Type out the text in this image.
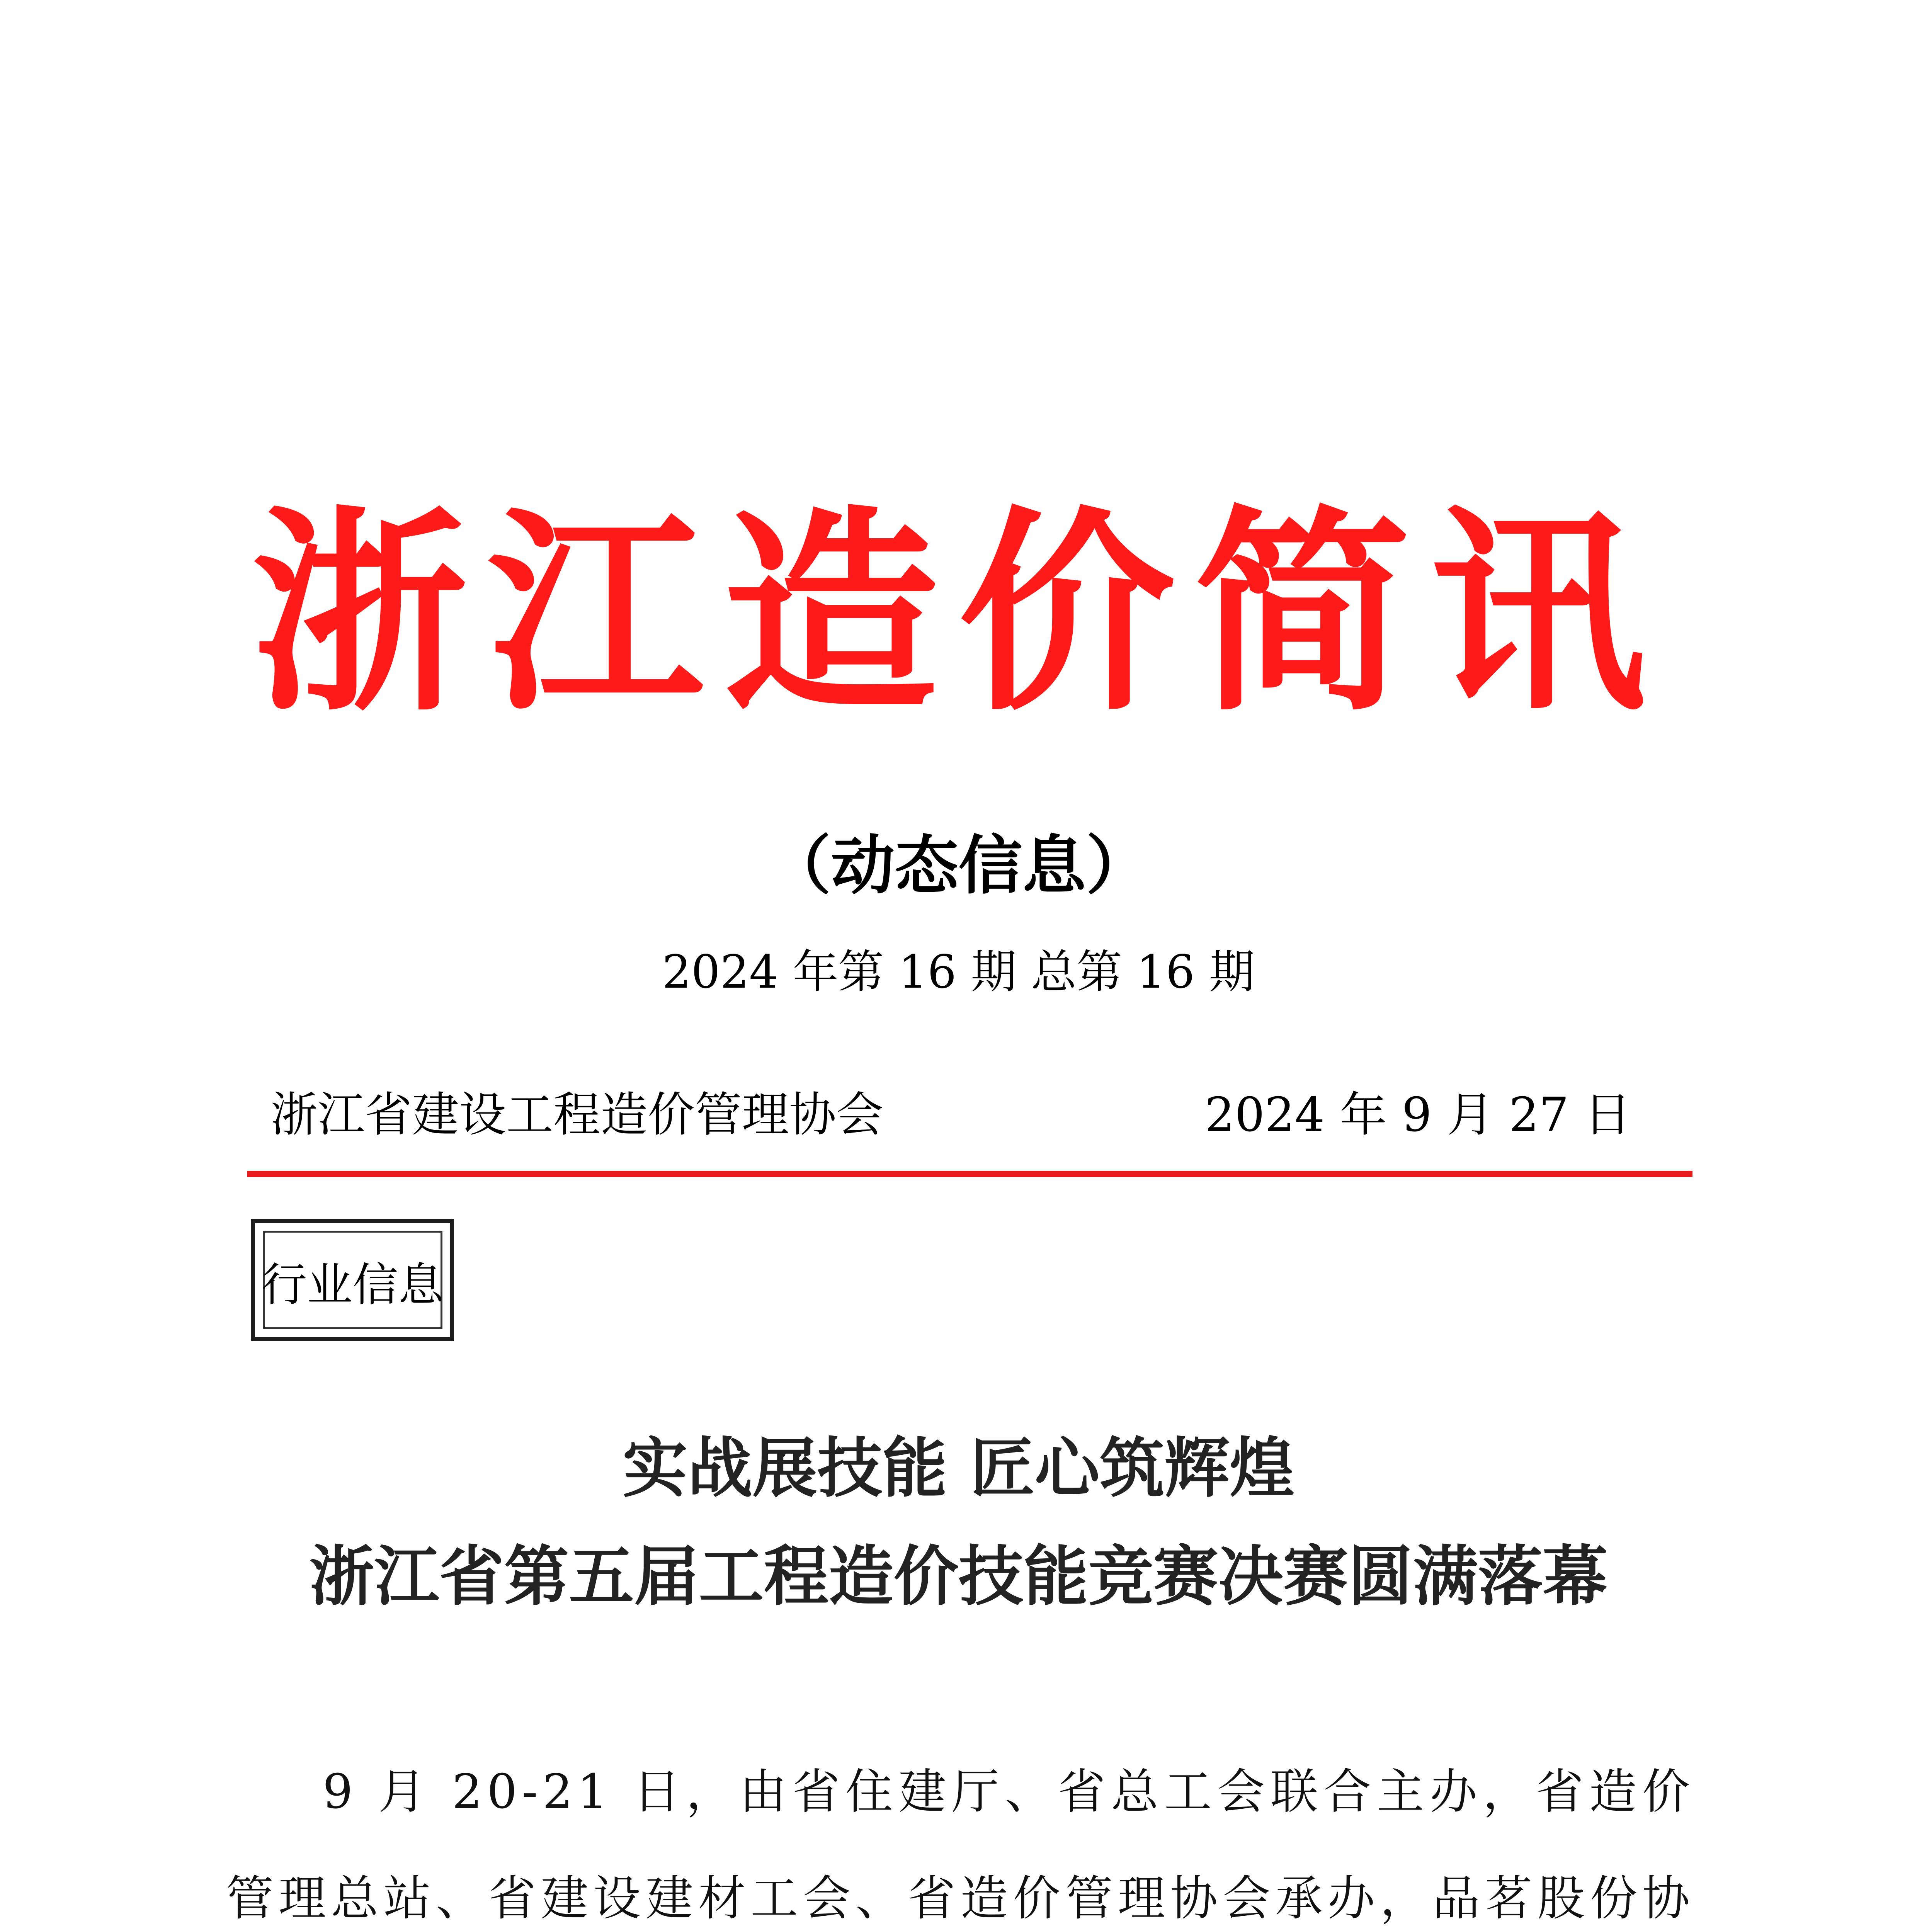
浙江造价简讯
（动态信息）
2024 年第 16 期 总第 16 期
浙江省建设工程造价管理协会	2024 年 9 月 27 日
行业信息
实战展技能 匠心筑辉煌
浙江省第五届工程造价技能竞赛决赛圆满落幕
9 月 20-21 日，由省住建厅、省总工会联合主办，省造价管理总站、省建设建材工会、省造价管理协会承办，品茗股份协
